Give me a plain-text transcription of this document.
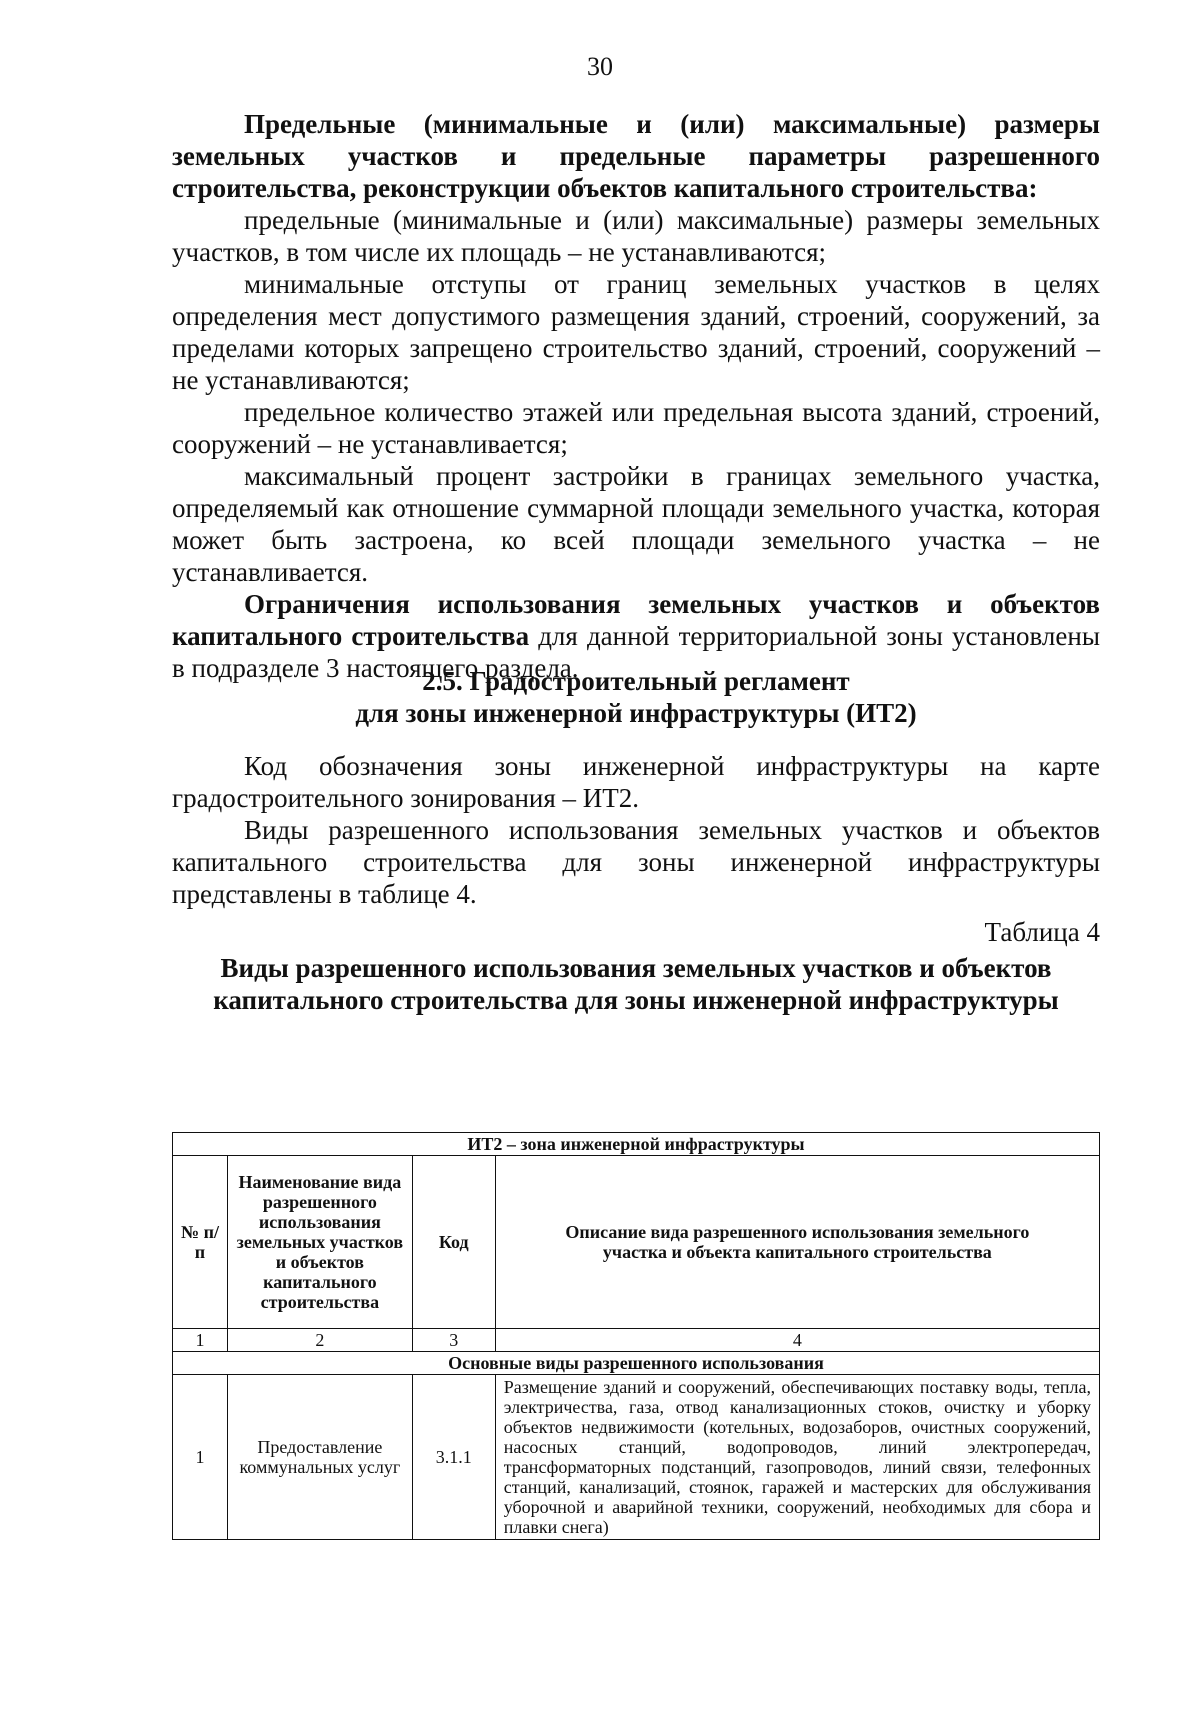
30

Предельные (минимальные и (или) максимальные) размеры земельных участков и предельные параметры разрешенного строительства, реконструкции объектов капитального строительства:

предельные (минимальные и (или) максимальные) размеры земельных участков, в том числе их площадь – не устанавливаются;

минимальные отступы от границ земельных участков в целях определения мест допустимого размещения зданий, строений, сооружений, за пределами которых запрещено строительство зданий, строений, сооружений – не устанавливаются;

предельное количество этажей или предельная высота зданий, строений, сооружений – не устанавливается;

максимальный процент застройки в границах земельного участка, определяемый как отношение суммарной площади земельного участка, которая может быть застроена, ко всей площади земельного участка – не устанавливается.

Ограничения использования земельных участков и объектов капитального строительства для данной территориальной зоны установлены в подразделе 3 настоящего раздела.

2.5. Градостроительный регламент
для зоны инженерной инфраструктуры (ИТ2)

Код обозначения зоны инженерной инфраструктуры на карте градостроительного зонирования – ИТ2.

Виды разрешенного использования земельных участков и объектов капитального строительства для зоны инженерной инфраструктуры представлены в таблице 4.

Таблица 4

Виды разрешенного использования земельных участков и объектов
капитального строительства для зоны инженерной инфраструктуры
ИТ2 – зона инженерной инфраструктуры			
№ п/п	Наименование вида разрешенного использования земельных участков и объектов капитального строительства	Код	Описание вида разрешенного использования земельного участка и объекта капитального строительства
1	2	3	4
Основные виды разрешенного использования			
1	Предоставление коммунальных услуг	3.1.1	Размещение зданий и сооружений, обеспечивающих поставку воды, тепла, электричества, газа, отвод канализационных стоков, очистку и уборку объектов недвижимости (котельных, водозаборов, очистных сооружений, насосных станций, водопроводов, линий электропередач, трансформаторных подстанций, газопроводов, линий связи, телефонных станций, канализаций, стоянок, гаражей и мастерских для обслуживания уборочной и аварийной техники, сооружений, необходимых для сбора и плавки снега)
